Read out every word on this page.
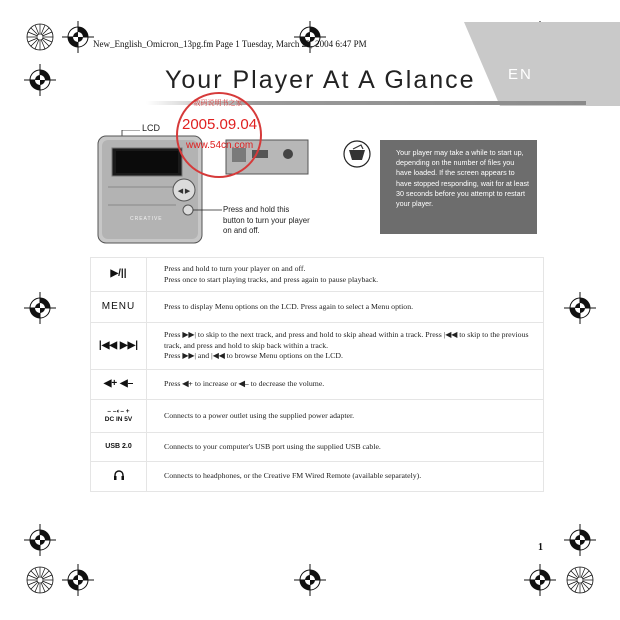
New_English_Omicron_13pg.fm Page 1 Tuesday, March 23, 2004 6:47 PM
EN
Your Player At A Glance
◀ ▶
CREATIVE
LCD
Press and hold this button to turn your player on and off.
数码说明书之家
2005.09.04
www.54cn.com
Your player may take a while to start up, depending on the number of files you have loaded. If the screen appears to have stopped responding, wait for at least 30 seconds before you attempt to restart your player.
▶/||	Press and hold to turn your player on and off.
Press once to start playing tracks, and press again to pause playback.

MENU	Press to display Menu options on the LCD. Press again to select a Menu option.

|◀◀ ▶▶|	Press ▶▶| to skip to the next track, and press and hold to skip ahead within a track. Press |◀◀ to skip to the previous track, and press and hold to skip back within a track.
Press ▶▶| and |◀◀ to browse Menu options on the LCD.

◀+ ◀–	Press ◀+ to increase or ◀– to decrease the volume.

– –◐– +
DC IN 5V	Connects to a power outlet using the supplied power adapter.

USB 2.0	Connects to your computer's USB port using the supplied USB cable.

Connects to headphones, or the Creative FM Wired Remote (available separately).
1
